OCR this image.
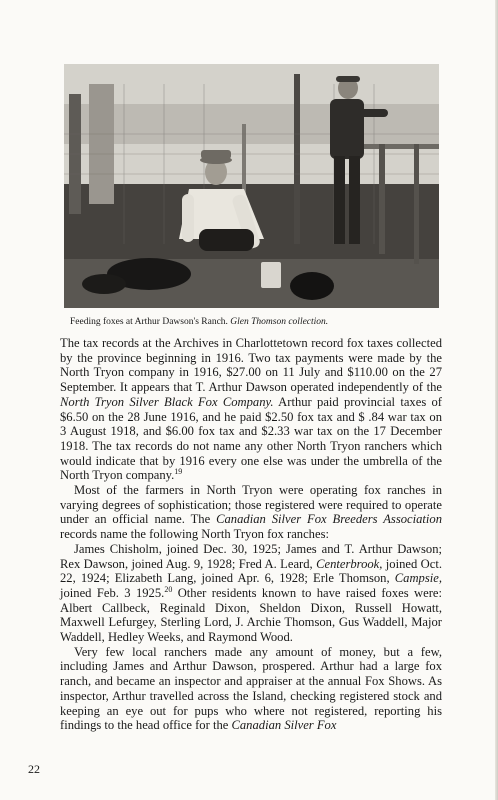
Feeding foxes at Arthur Dawson's Ranch. Glen Thomson collection.

The tax records at the Archives in Charlottetown record fox taxes collected by the province beginning in 1916. Two tax payments were made by the North Tryon company in 1916, $27.00 on 11 July and $110.00 on the 27 September. It appears that T. Arthur Dawson operated independently of the North Tryon Silver Black Fox Company. Arthur paid provincial taxes of $6.50 on the 28 June 1916, and he paid $2.50 fox tax and $ .84 war tax on 3 August 1918, and $6.00 fox tax and $2.33 war tax on the 17 December 1918. The tax records do not name any other North Tryon ranchers which would indicate that by 1916 every one else was under the umbrella of the North Tryon company.$^{19}$

Most of the farmers in North Tryon were operating fox ranches in varying degrees of sophistication; those registered were required to operate under an official name. The Canadian Silver Fox Breeders Association records name the following North Tryon fox ranches:

James Chisholm, joined Dec. 30, 1925; James and T. Arthur Dawson; Rex Dawson, joined Aug. 9, 1928; Fred A. Leard, Centerbrook, joined Oct. 22, 1924; Elizabeth Lang, joined Apr. 6, 1928; Erle Thomson, Campsie, joined Feb. 3 1925.20 Other residents known to have raised foxes were: Albert Callbeck, Reginald Dixon, Sheldon Dixon, Russell Howatt, Maxwell Lefurgey, Sterling Lord, J. Archie Thomson, Gus Waddell, Major Waddell, Hedley Weeks, and Raymond Wood.

Very few local ranchers made any amount of money, but a few, including James and Arthur Dawson, prospered. Arthur had a large fox ranch, and became an inspector and appraiser at the annual Fox Shows. As inspector, Arthur travelled across the Island, checking registered stock and keeping an eye out for pups who where not registered, reporting his findings to the head office for the Canadian Silver Fox

22
